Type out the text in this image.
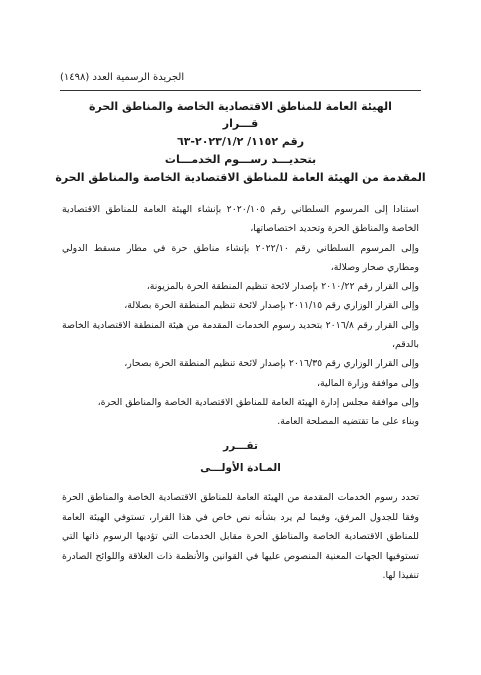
الجريدة الرسمية العدد (١٤٩٨)
الهيئة العامة للمناطق الاقتصادية الخاصة والمناطق الحرة
قـــرار
رقم ١١٥٢/ ٢٠٢٣/١/٢-٦٣
بتحديـــد رســـوم الخدمـــات
المقدمة من الهيئة العامة للمناطق الاقتصادية الخاصة والمناطق الحرة

استنادا إلى المرسوم السلطاني رقم ٢٠٢٠/١٠٥ بإنشاء الهيئة العامة للمناطق الاقتصادية الخاصة والمناطق الحرة وتحديد اختصاصاتها،

وإلى المرسوم السلطاني رقم ٢٠٢٢/١٠ بإنشاء مناطق حرة في مطار مسقط الدولي ومطاري صحار وصلالة،

وإلى القرار رقم ٢٠١٠/٢٢ بإصدار لائحة تنظيم المنطقة الحرة بالمزيونة،

وإلى القرار الوزاري رقم ٢٠١١/١٥ بإصدار لائحة تنظيم المنطقة الحرة بصلالة،

وإلى القرار رقم ٢٠١٦/٨ بتحديد رسوم الخدمات المقدمة من هيئة المنطقة الاقتصادية الخاصة بالدقم،

وإلى القرار الوزاري رقم ٢٠١٦/٣٥ بإصدار لائحة تنظيم المنطقة الحرة بصحار،

وإلى موافقة وزارة المالية،

وإلى موافقة مجلس إدارة الهيئة العامة للمناطق الاقتصادية الخاصة والمناطق الحرة،

وبناء على ما تقتضيه المصلحة العامة.

تقـــرر
المـادة الأولـــى

تحدد رسوم الخدمات المقدمة من الهيئة العامة للمناطق الاقتصادية الخاصة والمناطق الحرة وفقا للجدول المرفق، وفيما لم يرد بشأنه نص خاص في هذا القرار، تستوفي الهيئة العامة للمناطق الاقتصادية الخاصة والمناطق الحرة مقابل الخدمات التي تؤديها الرسوم ذاتها التي تستوفيها الجهات المعنية المنصوص عليها في القوانين والأنظمة ذات العلاقة واللوائح الصادرة تنفيذا لها.
